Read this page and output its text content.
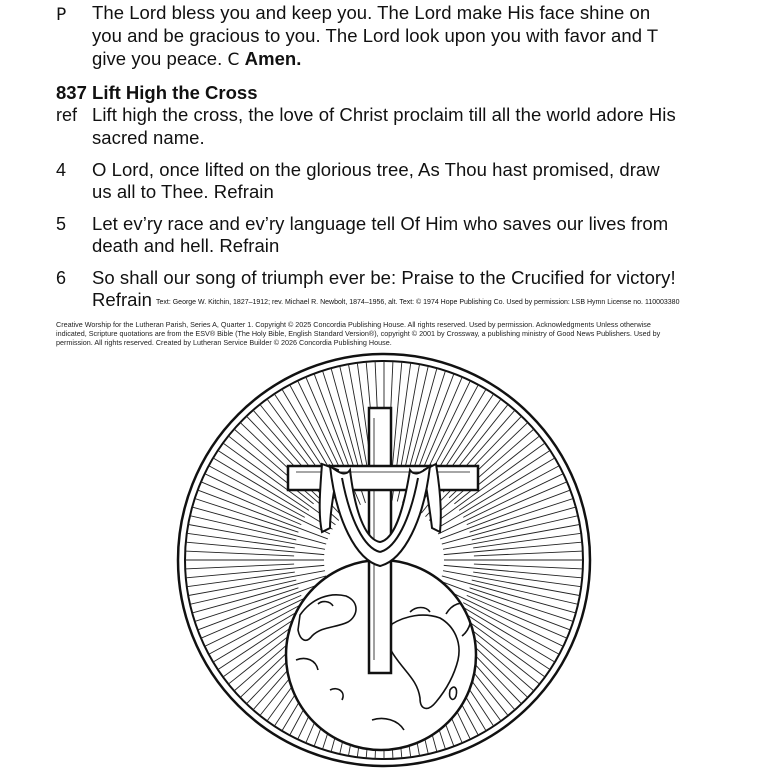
P The Lord bless you and keep you. The Lord make His face shine on
you and be gracious to you. The Lord look upon you with favor and T
give you peace. C Amen.
837 Lift High the Cross
ref Lift high the cross, the love of Christ proclaim till all the world adore His
sacred name.
4 O Lord, once lifted on the glorious tree, As Thou hast promised, draw
us all to Thee. Refrain
5 Let ev’ry race and ev’ry language tell Of Him who saves our lives from
death and hell. Refrain
6 So shall our song of triumph ever be: Praise to the Crucified for victory!
Refrain Text: George W. Kitchin, 1827–1912; rev. Michael R. Newbolt, 1874–1956, alt. Text: © 1974 Hope Publishing Co. Used by permission: LSB Hymn License no. 110003380
Creative Worship for the Lutheran Parish, Series A, Quarter 1. Copyright © 2025 Concordia Publishing House. All rights reserved. Used by permission. Acknowledgments Unless otherwise
indicated, Scripture quotations are from the ESV® Bible (The Holy Bible, English Standard Version®), copyright © 2001 by Crossway, a publishing ministry of Good News Publishers. Used by
permission. All rights reserved. Created by Lutheran Service Builder © 2026 Concordia Publishing House.
